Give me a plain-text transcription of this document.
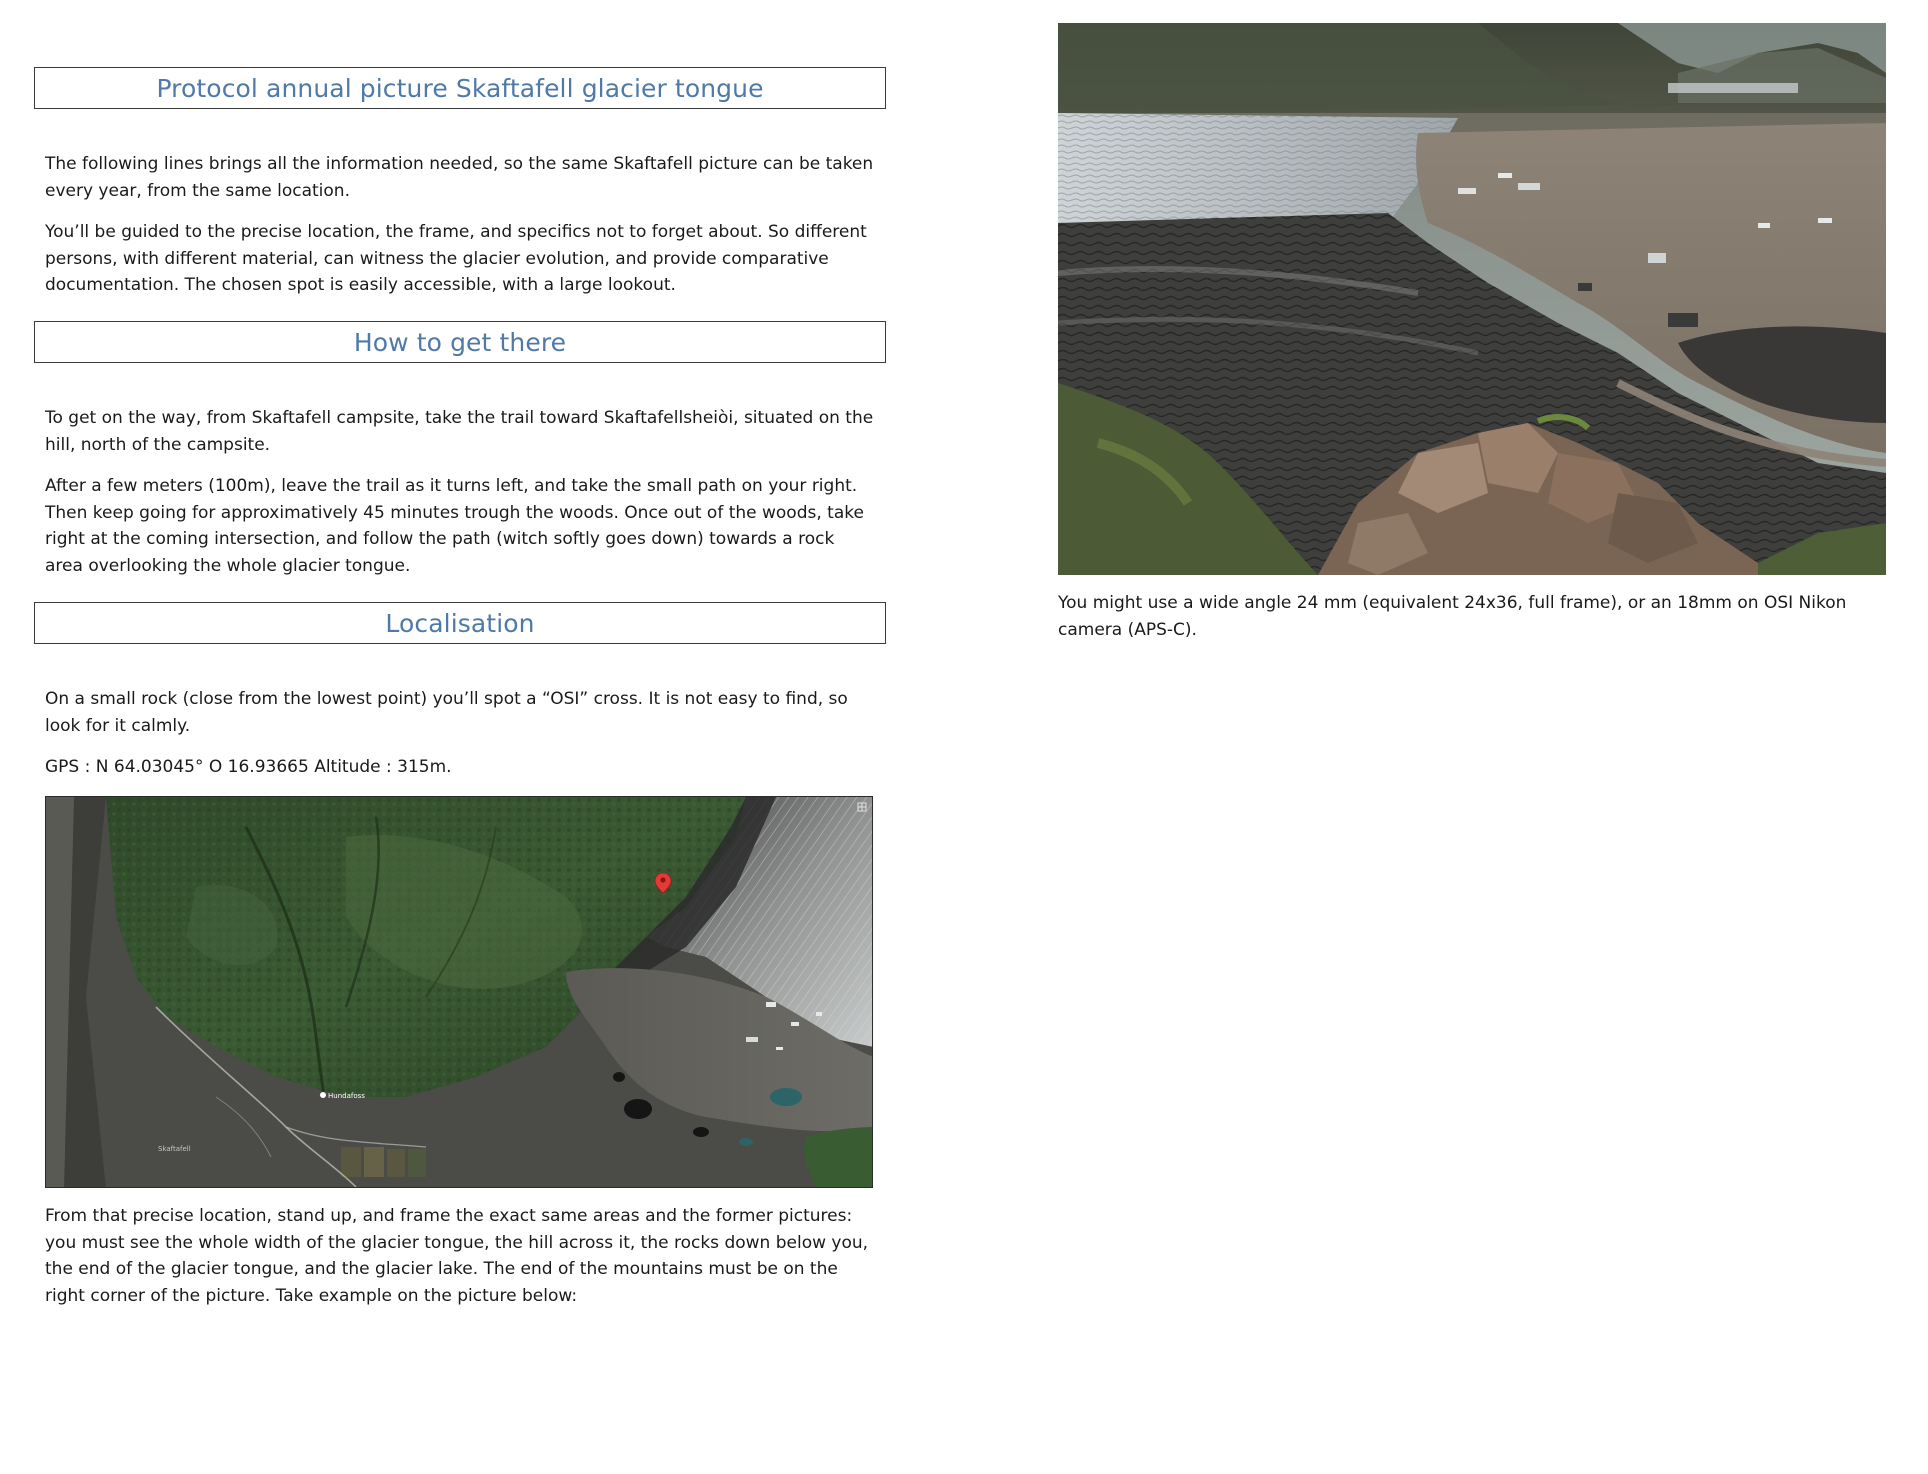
Protocol annual picture Skaftafell glacier tongue

The following lines brings all the information needed, so the same Skaftafell picture can be taken every year, from the same location.

You’ll be guided to the precise location, the frame, and specifics not to forget about. So different persons, with different material, can witness the glacier evolution, and provide comparative documentation. The chosen spot is easily accessible, with a large lookout.

How to get there

To get on the way, from Skaftafell campsite, take the trail toward Skaftafellsheiòi, situated on the hill, north of the campsite.

After a few meters (100m), leave the trail as it turns left, and take the small path on your right. Then keep going for approximatively 45 minutes trough the woods. Once out of the woods, take right at the coming intersection, and follow the path (witch softly goes down) towards a rock area overlooking the whole glacier tongue.

Localisation

On a small rock (close from the lowest point) you’ll spot a “OSI” cross. It is not easy to find, so look for it calmly.

GPS : N 64.03045° O 16.93665 Altitude : 315m.

Hundafoss
Skaftafell

From that precise location, stand up, and frame the exact same areas and the former pictures: you must see the whole width of the glacier tongue, the hill across it, the rocks down below you, the end of the glacier tongue, and the glacier lake. The end of the mountains must be on the right corner of the picture. Take example on the picture below:

You might use a wide angle 24 mm (equivalent 24x36, full frame), or an 18mm on OSI Nikon camera (APS-C).
